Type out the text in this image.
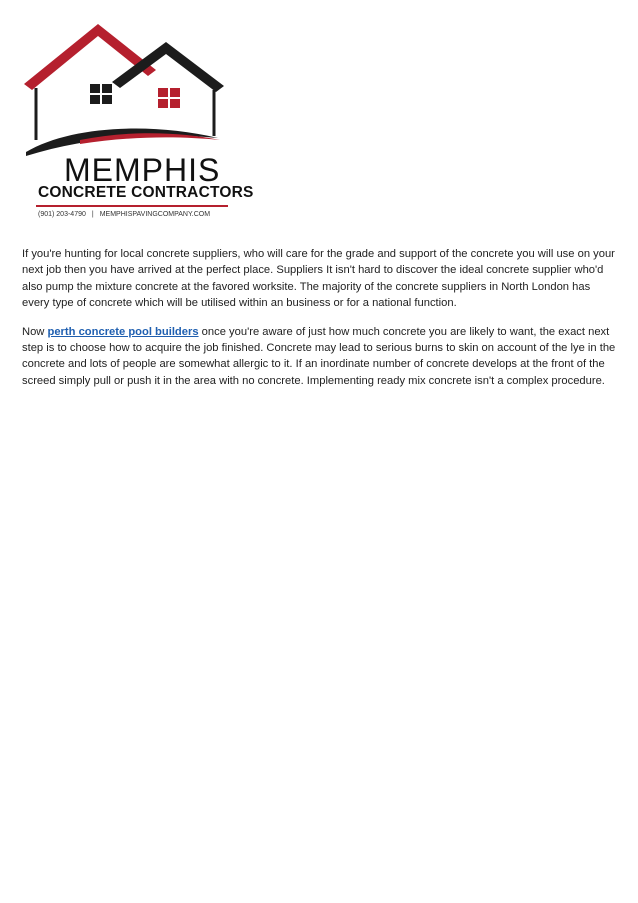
MEMPHIS
CONCRETE CONTRACTORS
(901) 203-4790 | MEMPHISPAVINGCOMPANY.COM

If you're hunting for local concrete suppliers, who will care for the grade and support of the concrete you will use on your next job then you have arrived at the perfect place. Suppliers It isn't hard to discover the ideal concrete supplier who'd also pump the mixture concrete at the favored worksite. The majority of the concrete suppliers in North London has every type of concrete which will be utilised within an business or for a national function.

Now perth concrete pool builders once you're aware of just how much concrete you are likely to want, the exact next step is to choose how to acquire the job finished. Concrete may lead to serious burns to skin on account of the lye in the concrete and lots of people are somewhat allergic to it. If an inordinate number of concrete develops at the front of the screed simply pull or push it in the area with no concrete. Implementing ready mix concrete isn't a complex procedure.
